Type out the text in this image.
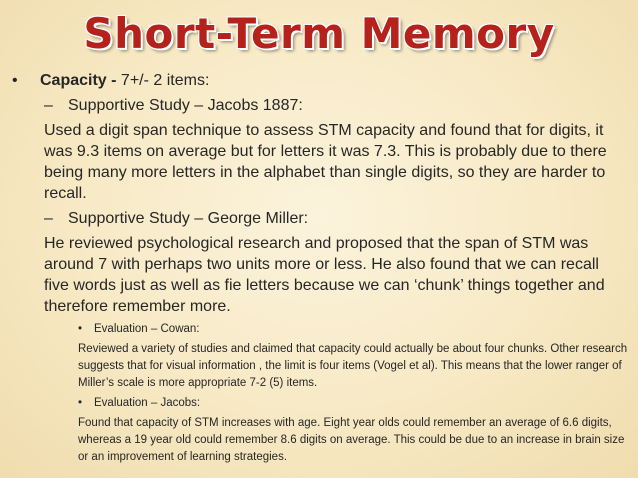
Short-Term Memory
• Capacity - 7+/- 2 items:
– Supportive Study – Jacobs 1887:
Used a digit span technique to assess STM capacity and found that for digits, it was 9.3 items on average but for letters it was 7.3. This is probably due to there being many more letters in the alphabet than single digits, so they are harder to recall.
– Supportive Study – George Miller:
He reviewed psychological research and proposed that the span of STM was around 7 with perhaps two units more or less. He also found that we can recall five words just as well as fie letters because we can ‘chunk’ things together and therefore remember more.
• Evaluation – Cowan:
Reviewed a variety of studies and claimed that capacity could actually be about four chunks. Other research suggests that for visual information , the limit is four items (Vogel et al). This means that the lower ranger of Miller’s scale is more appropriate 7-2 (5) items.
• Evaluation – Jacobs:
Found that capacity of STM increases with age. Eight year olds could remember an average of 6.6 digits, whereas a 19 year old could remember 8.6 digits on average. This could be due to an increase in brain size or an improvement of learning strategies.
